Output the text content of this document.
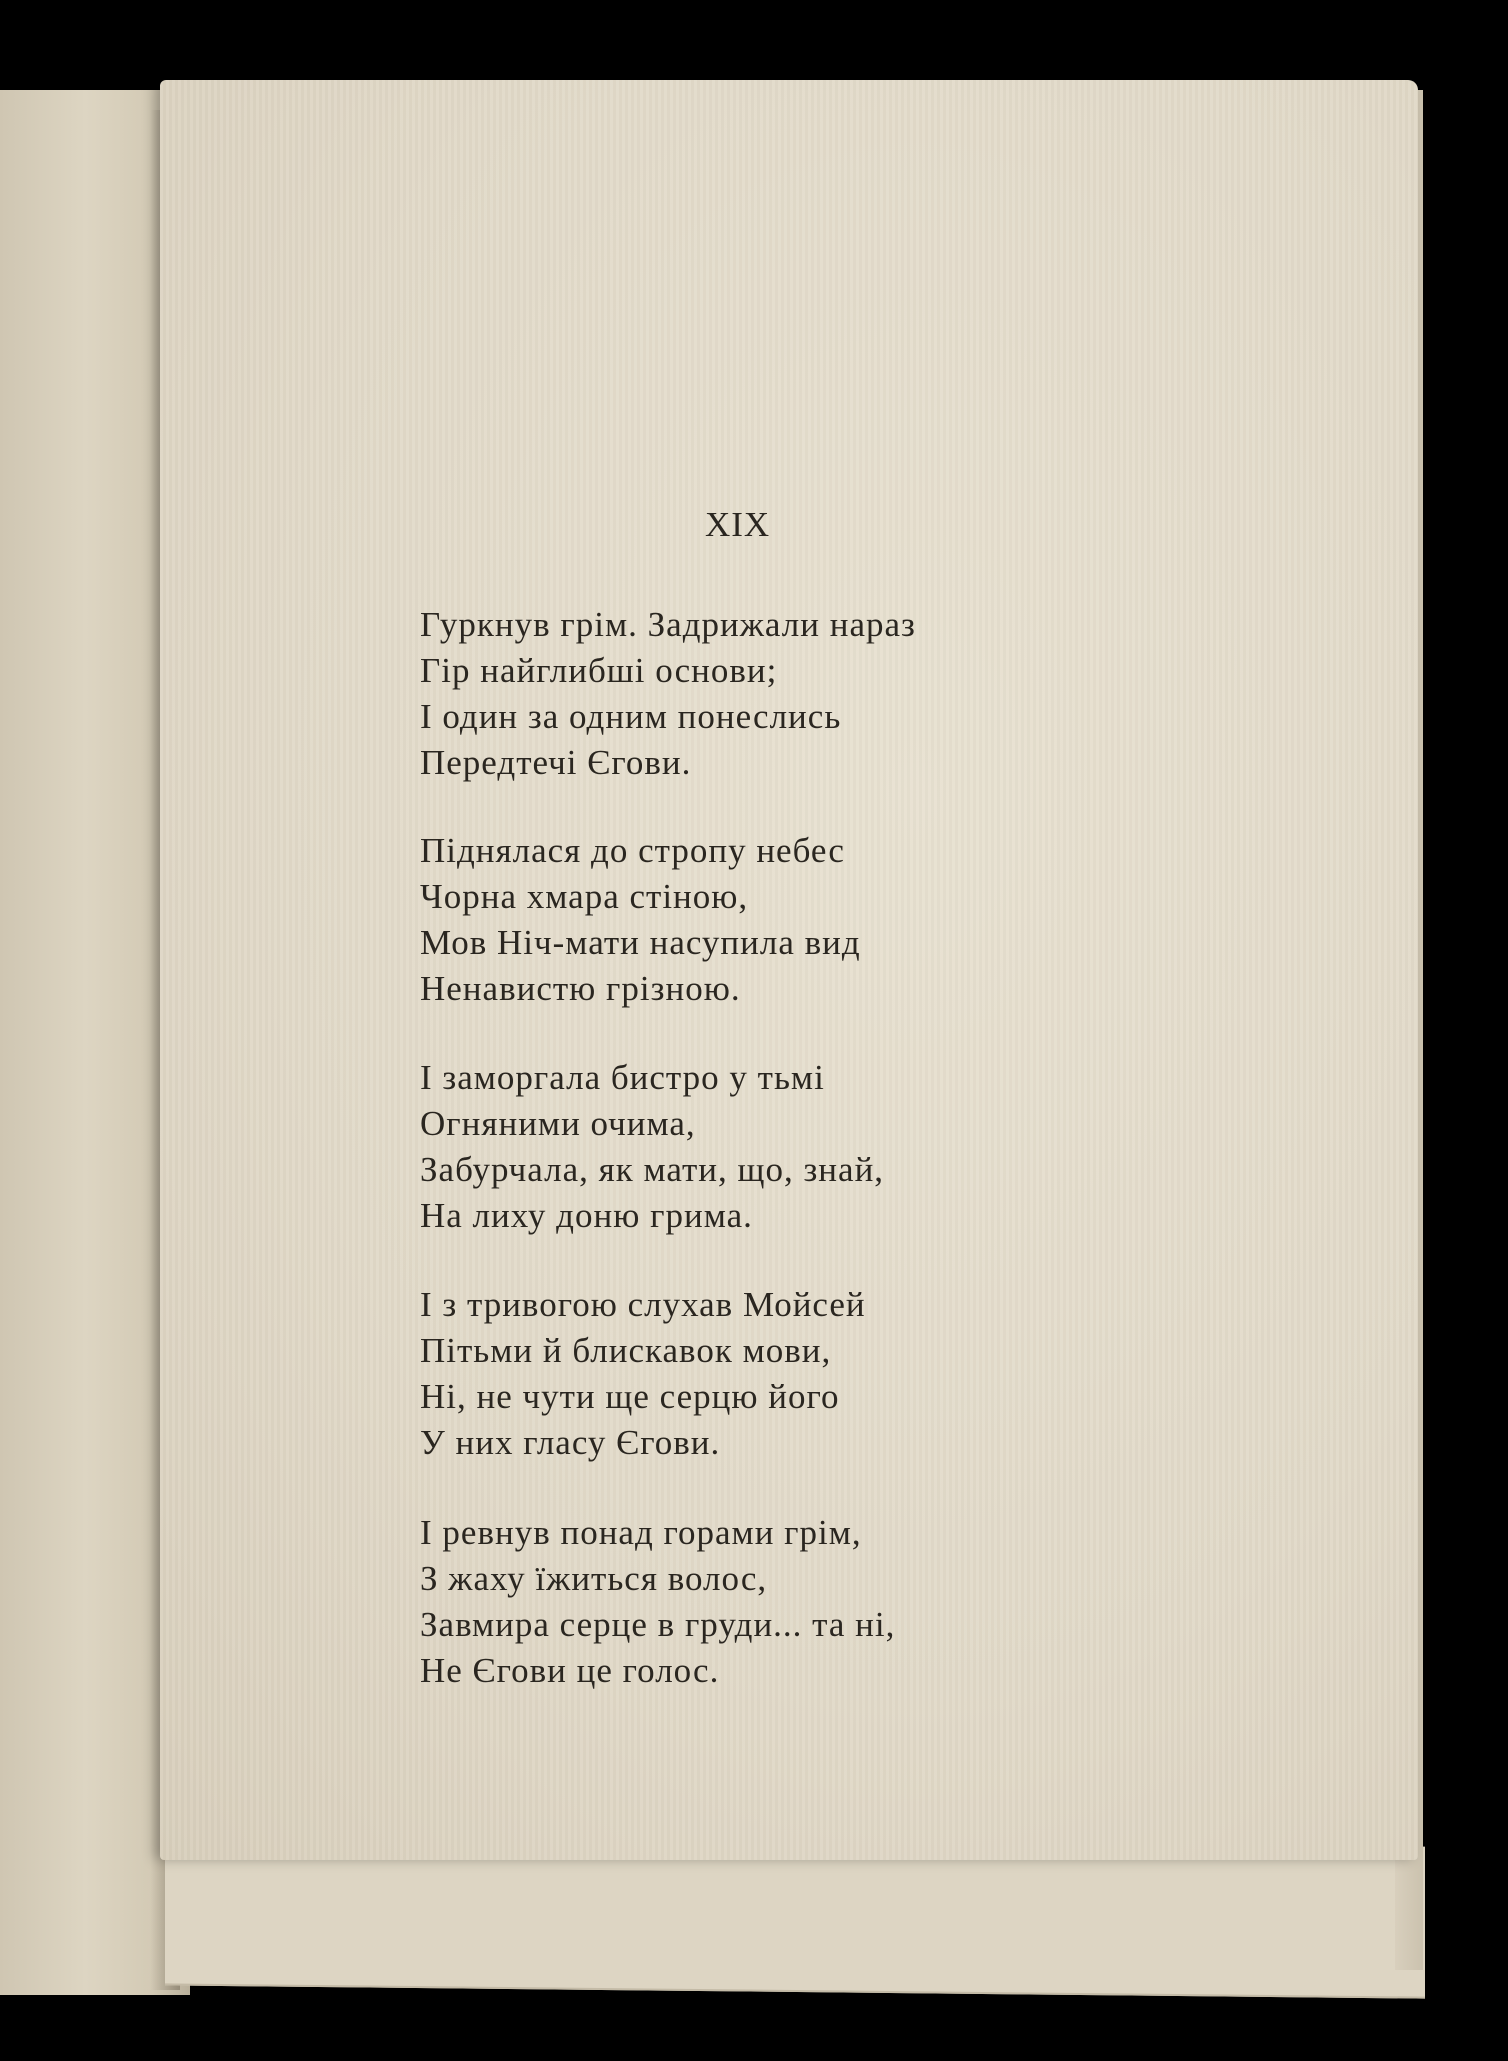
XIX
Гуркнув грім. Задрижали нараз
Гір найглибші основи;
І один за одним понеслись
Передтечі Єгови.
Піднялася до стропу небес
Чорна хмара стіною,
Мов Ніч-мати насупила вид
Ненавистю грізною.
І заморгала бистро у тьмі
Огняними очима,
Забурчала, як мати, що, знай,
На лиху доню грима.
І з тривогою слухав Мойсей
Пітьми й блискавок мови,
Ні, не чути ще серцю його
У них гласу Єгови.
І ревнув понад горами грім,
З жаху їжиться волос,
Завмира серце в груди... та ні,
Не Єгови це голос.
